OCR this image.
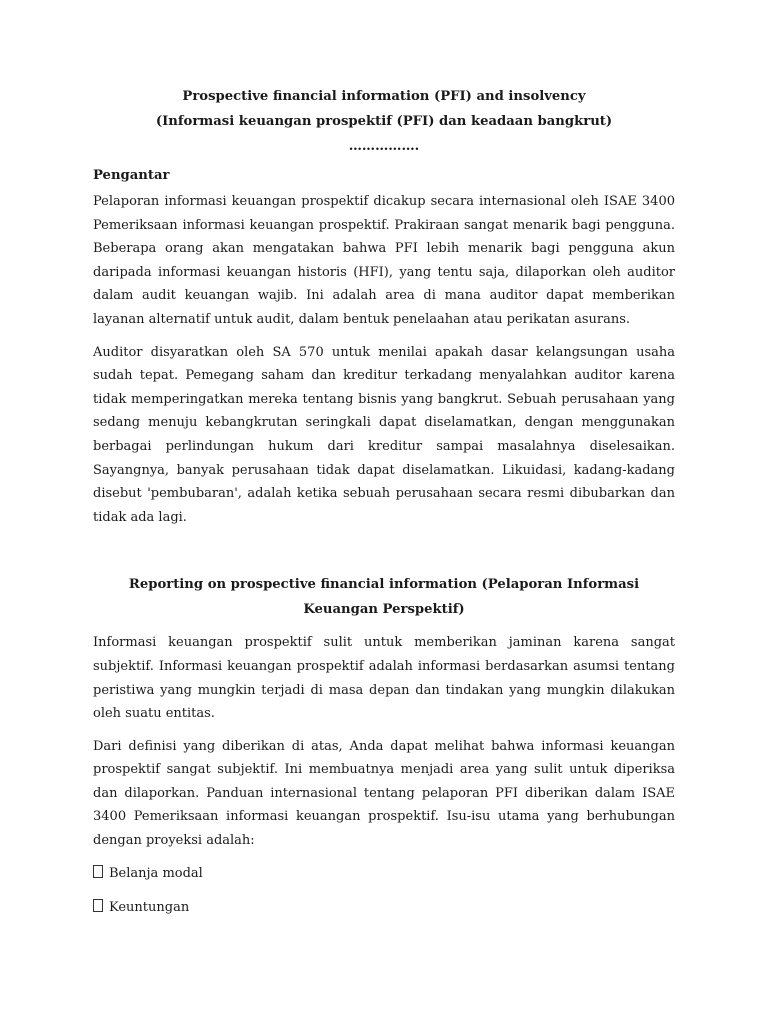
Prospective financial information (PFI) and insolvency
(Informasi keuangan prospektif (PFI) dan keadaan bangkrut)
…………….
Pengantar

Pelaporan informasi keuangan prospektif dicakup secara internasional oleh ISAE 3400 Pemeriksaan informasi keuangan prospektif. Prakiraan sangat menarik bagi pengguna. Beberapa orang akan mengatakan bahwa PFI lebih menarik bagi pengguna akun daripada informasi keuangan historis (HFI), yang tentu saja, dilaporkan oleh auditor dalam audit keuangan wajib. Ini adalah area di mana auditor dapat memberikan layanan alternatif untuk audit, dalam bentuk penelaahan atau perikatan asurans.

Auditor disyaratkan oleh SA 570 untuk menilai apakah dasar kelangsungan usaha sudah tepat. Pemegang saham dan kreditur terkadang menyalahkan auditor karena tidak memperingatkan mereka tentang bisnis yang bangkrut. Sebuah perusahaan yang sedang menuju kebangkrutan seringkali dapat diselamatkan, dengan menggunakan berbagai perlindungan hukum dari kreditur sampai masalahnya diselesaikan. Sayangnya, banyak perusahaan tidak dapat diselamatkan. Likuidasi, kadang-kadang disebut 'pembubaran', adalah ketika sebuah perusahaan secara resmi dibubarkan dan tidak ada lagi.

Reporting on prospective financial information (Pelaporan Informasi Keuangan Perspektif)

Informasi keuangan prospektif sulit untuk memberikan jaminan karena sangat subjektif. Informasi keuangan prospektif adalah informasi berdasarkan asumsi tentang peristiwa yang mungkin terjadi di masa depan dan tindakan yang mungkin dilakukan oleh suatu entitas.

Dari definisi yang diberikan di atas, Anda dapat melihat bahwa informasi keuangan prospektif sangat subjektif. Ini membuatnya menjadi area yang sulit untuk diperiksa dan dilaporkan. Panduan internasional tentang pelaporan PFI diberikan dalam ISAE 3400 Pemeriksaan informasi keuangan prospektif. Isu-isu utama yang berhubungan dengan proyeksi adalah:

Belanja modal
Keuntungan
